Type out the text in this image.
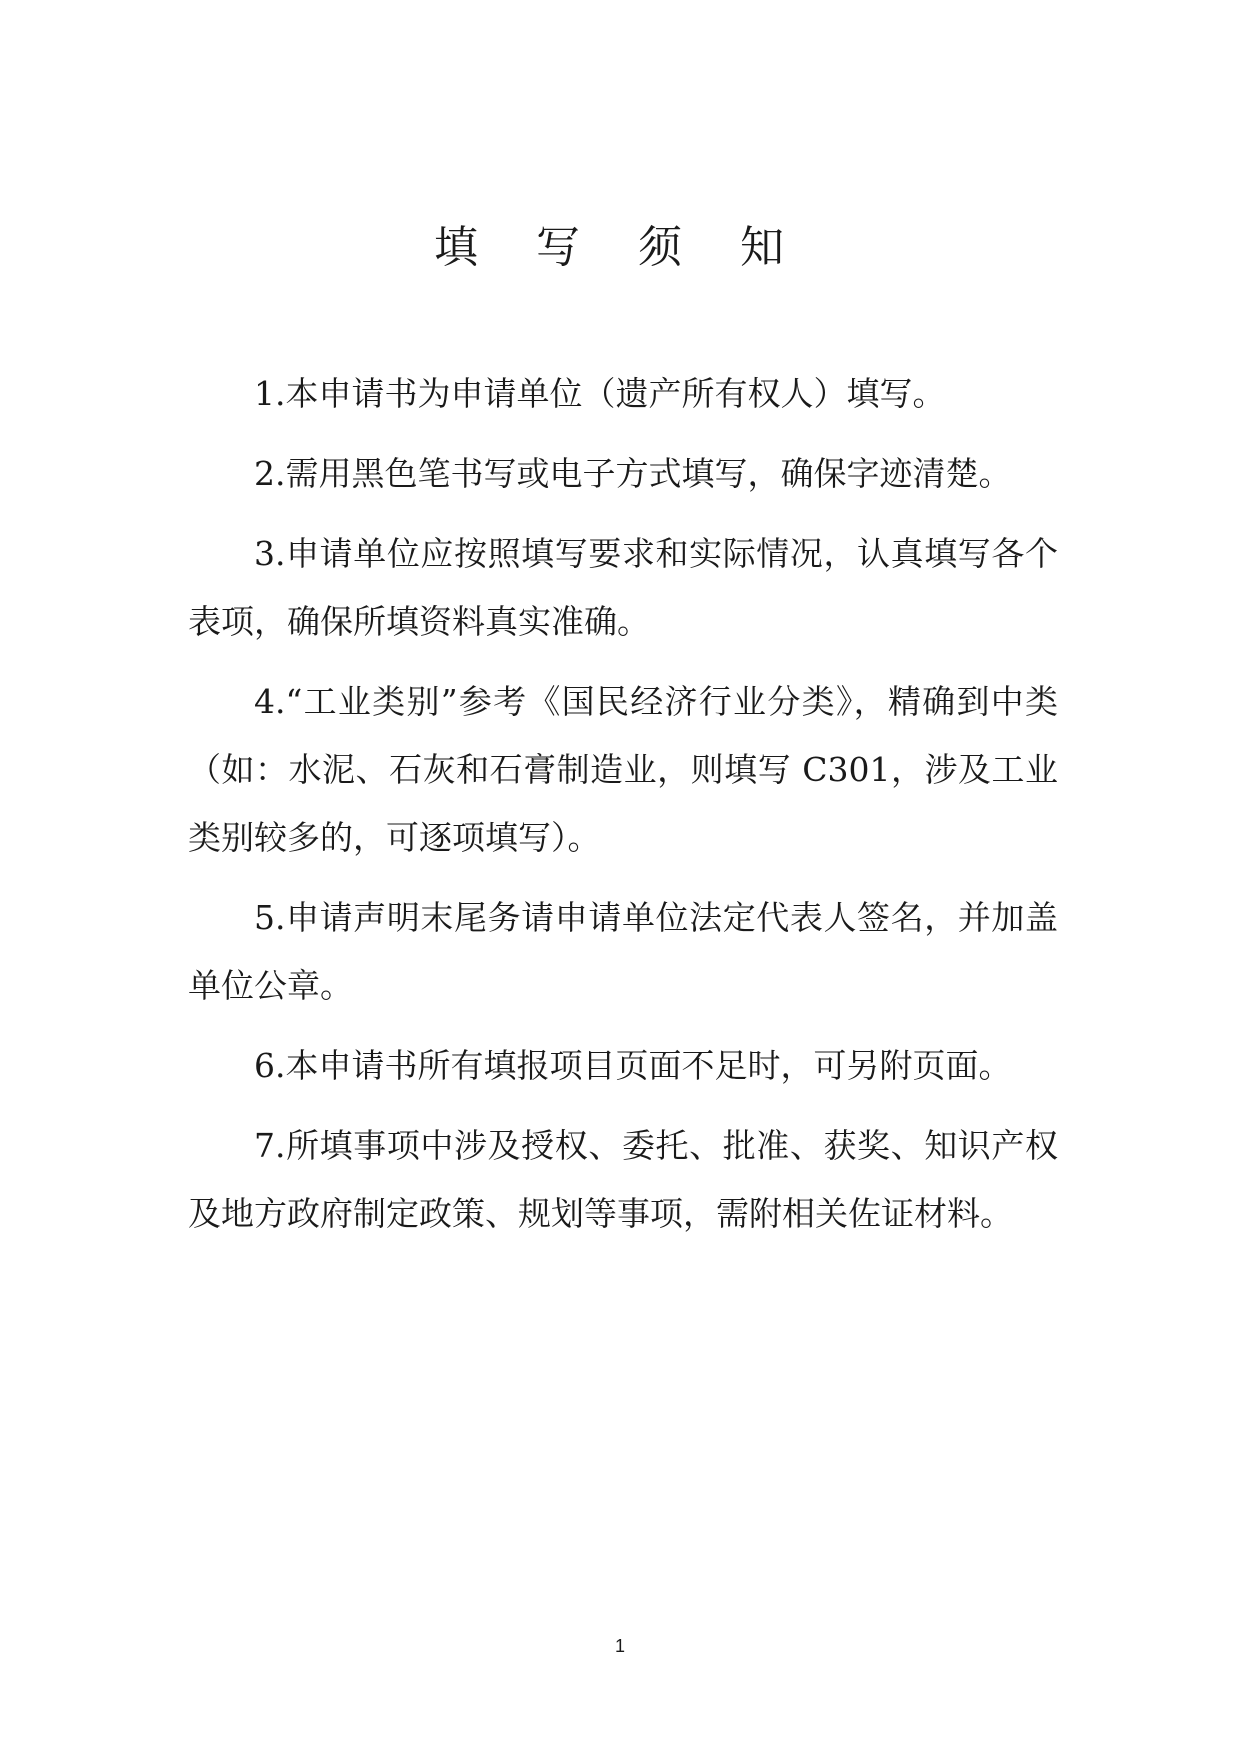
填 写 须 知
1.本申请书为申请单位（遗产所有权人）填写。
2.需用黑色笔书写或电子方式填写，确保字迹清楚。
3.申请单位应按照填写要求和实际情况，认真填写各个表项，确保所填资料真实准确。
4.“工业类别”参考《国民经济行业分类》，精确到中类（如：水泥、石灰和石膏制造业，则填写 C301，涉及工业类别较多的，可逐项填写）。
5.申请声明末尾务请申请单位法定代表人签名，并加盖单位公章。
6.本申请书所有填报项目页面不足时，可另附页面。
7.所填事项中涉及授权、委托、批准、获奖、知识产权及地方政府制定政策、规划等事项，需附相关佐证材料。
1
